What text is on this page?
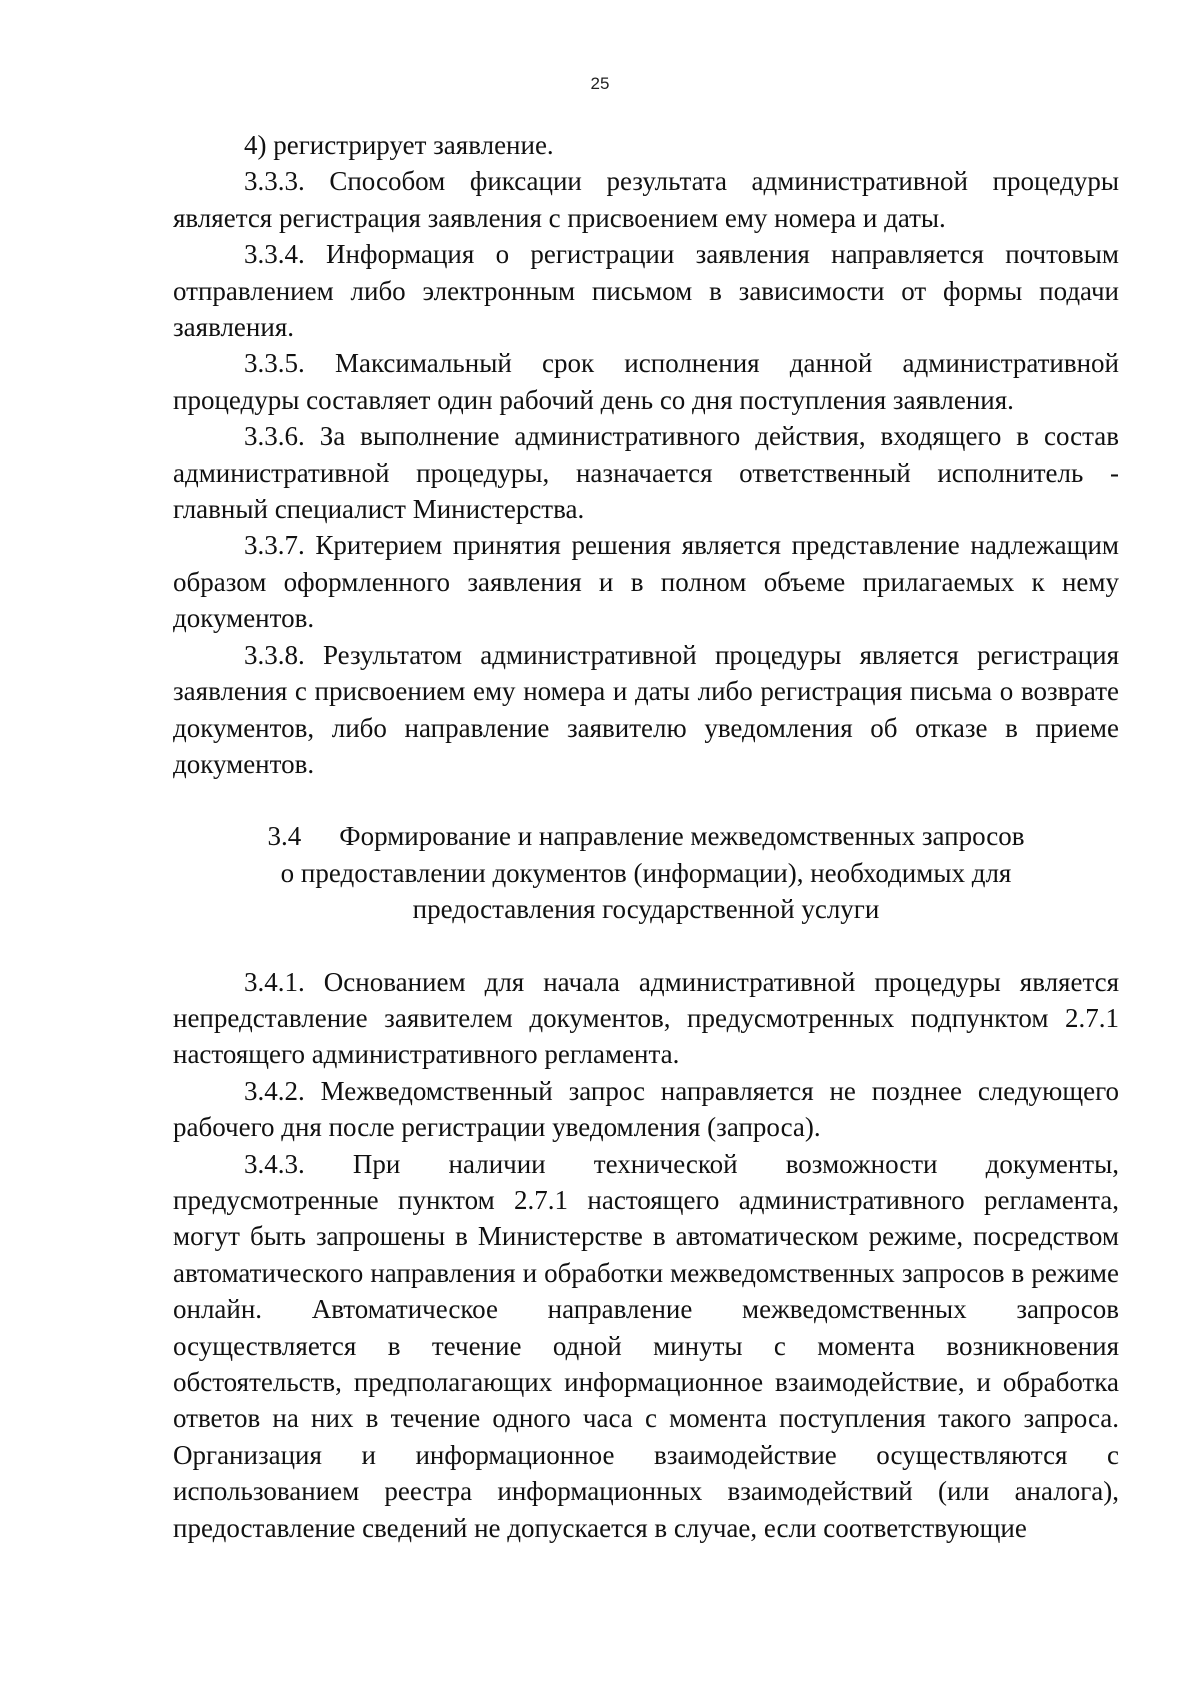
25

4) регистрирует заявление.

3.3.3. Способом фиксации результата административной процедуры является регистрация заявления с присвоением ему номера и даты.

3.3.4. Информация о регистрации заявления направляется почтовым отправлением либо электронным письмом в зависимости от формы подачи заявления.

3.3.5. Максимальный срок исполнения данной административной процедуры составляет один рабочий день со дня поступления заявления.

3.3.6. За выполнение административного действия, входящего в состав административной процедуры, назначается ответственный исполнитель - главный специалист Министерства.

3.3.7. Критерием принятия решения является представление надлежащим образом оформленного заявления и в полном объеме прилагаемых к нему документов.

3.3.8. Результатом административной процедуры является регистрация заявления с присвоением ему номера и даты либо регистрация письма о возврате документов, либо направление заявителю уведомления об отказе в приеме документов.

3.4 Формирование и направление межведомственных запросов
о предоставлении документов (информации), необходимых для
предоставления государственной услуги

3.4.1. Основанием для начала административной процедуры является непредставление заявителем документов, предусмотренных подпунктом 2.7.1 настоящего административного регламента.

3.4.2. Межведомственный запрос направляется не позднее следующего рабочего дня после регистрации уведомления (запроса).

3.4.3. При наличии технической возможности документы, предусмотренные пунктом 2.7.1 настоящего административного регламента, могут быть запрошены в Министерстве в автоматическом режиме, посредством автоматического направления и обработки межведомственных запросов в режиме онлайн. Автоматическое направление межведомственных запросов осуществляется в течение одной минуты с момента возникновения обстоятельств, предполагающих информационное взаимодействие, и обработка ответов на них в течение одного часа с момента поступления такого запроса. Организация и информационное взаимодействие осуществляются с использованием реестра информационных взаимодействий (или аналога), предоставление сведений не допускается в случае, если соответствующие
